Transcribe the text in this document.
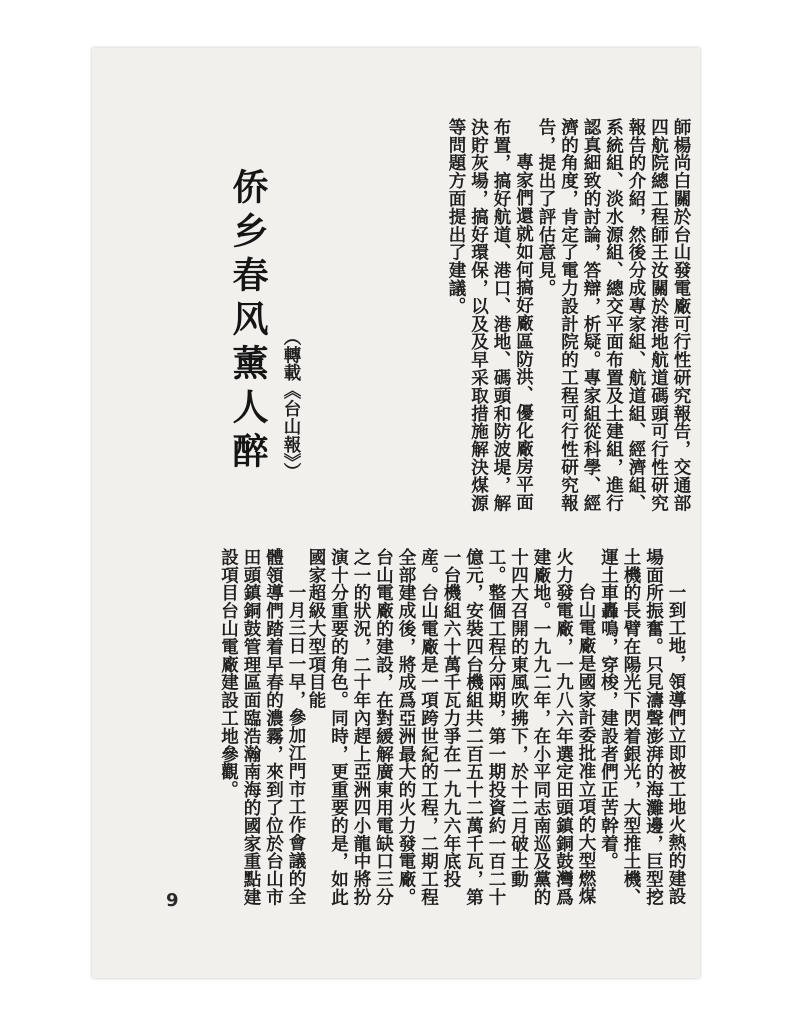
師楊尚白關於台山發電廠可行性研究報告，交通部四航院總工程師王汝關於港地航道碼頭可行性研究報告的介紹，然後分成專家組、航道組、經濟組、系統組、淡水源組、總交平面布置及土建組，進行認真細致的討論，答辯，析疑。專家組從科學、經濟的角度，肯定了電力設計院的工程可行性研究報告，提出了評估意見。

專家們還就如何搞好廠區防洪、優化廠房平面布置，搞好航道、港口、港地、碼頭和防波堤，解決貯灰場，搞好環保，以及及早采取措施解決煤源等問題方面提出了建議。

侨乡春风薰人醉 （轉載《台山報》）

一到工地，領導們立即被工地火熱的建設場面所振奮。只見濤聲澎湃的海灘邊，巨型挖土機的長臂在陽光下閃着銀光，大型推土機、運土車轟鳴，穿梭，建設者們正苦幹着。

台山電廠是國家計委批准立項的大型燃煤火力發電廠，一九八六年選定田頭鎮銅鼓灣爲建廠地。一九九二年，在小平同志南巡及黨的十四大召開的東風吹拂下，於十二月破土動工。整個工程分兩期，第一期投資約一百二十億元，安裝四台機組共二百五十二萬千瓦，第一台機組六十萬千瓦力爭在一九九六年底投産。台山電廠是一項跨世紀的工程，二期工程全部建成後，將成爲亞洲最大的火力發電廠。台山電廠的建設，在對緩解廣東用電缺口三分之一的狀況，二十年內趕上亞洲四小龍中將扮演十分重要的角色。同時，更重要的是，如此國家超級大型項目能

一月三日一早，參加江門市工作會議的全體領導們踏着早春的濃霧，來到了位於台山市田頭鎮銅鼓管理區面臨浩瀚南海的國家重點建設項目台山電廠建設工地參觀。

9
